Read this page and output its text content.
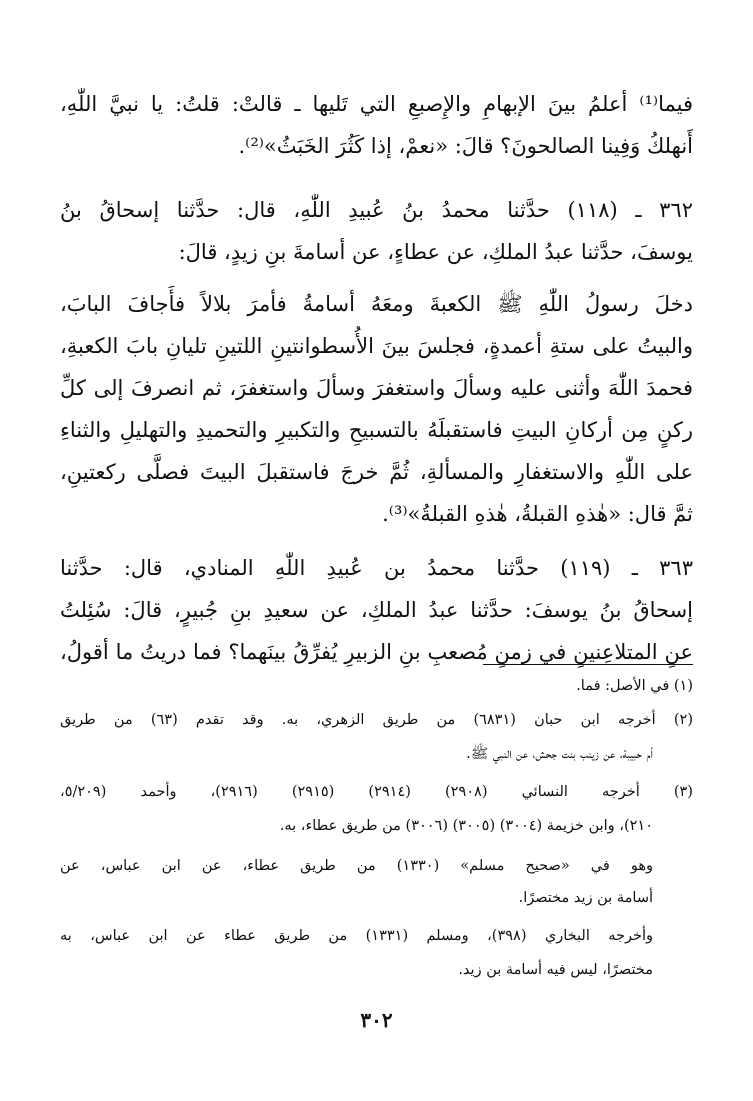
فيما⁽¹⁾ أعلمُ بينَ الإبهامِ والإِصبعِ التي تَليها ـ قالتْ: قلتُ: يا نبيَّ اللّٰهِ،
أَنهلكُ وَفِينا الصالحونَ؟ قالَ: «نعمْ، إذا كَثُرَ الخَبَثُ»⁽²⁾.
٣٦٢ ـ (١١٨) حدَّثنا محمدُ بنُ عُبيدِ اللّٰهِ، قال: حدَّثنا إسحاقُ بنُ
يوسفَ، حدَّثنا عبدُ الملكِ، عن عطاءٍ، عن أسامةَ بنِ زيدٍ، قالَ:
دخلَ رسولُ اللّٰهِ ﷺ الكعبةَ ومعَهُ أسامةُ فأمرَ بلالاً فأَجافَ البابَ،
والبيتُ على ستةِ أعمدةٍ، فجلسَ بينَ الأُسطوانتينِ اللتينِ تليانِ بابَ الكعبةِ،
فحمدَ اللّٰهَ وأثنى عليه وسألَ واستغفرَ وسألَ واستغفرَ، ثم انصرفَ إلى كلِّ
ركنٍ مِن أركانِ البيتِ فاستقبلَهُ بالتسبيحِ والتكبيرِ والتحميدِ والتهليلِ والثناءِ
على اللّٰهِ والاستغفارِ والمسألةِ، ثُمَّ خرجَ فاستقبلَ البيتَ فصلَّى ركعتينِ،
ثمَّ قال: «هٰذهِ القبلةُ، هٰذهِ القبلةُ»⁽³⁾.
٣٦٣ ـ (١١٩) حدَّثنا محمدُ بن عُبيدِ اللّٰهِ المنادي، قال: حدَّثنا
إسحاقُ بنُ يوسفَ: حدَّثنا عبدُ الملكِ، عن سعيدِ بنِ جُبيرٍ، قالَ: سُئِلتُ
عنِ المتلاعِنينِ في زمنِ مُصعبِ بنِ الزبيرِ يُفرِّقُ بينَهما؟ فما دريتُ ما أقولُ،
(١) في الأصل: فما.
(٢) أخرجه ابن حبان (٦٨٣١) من طريق الزهري، به. وقد تقدم (٦٣) من طريق
أم حبيبة، عن زينب بنت جحش، عن النبي ﷺ.
(٣) أخرجه النسائي (٢٩٠٨) (٢٩١٤) (٢٩١٥) (٢٩١٦)، وأحمد (٥/٢٠٩،
٢١٠)، وابن خزيمة (٣٠٠٤) (٣٠٠٥) (٣٠٠٦) من طريق عطاء، به.
وهو في «صحيح مسلم» (١٣٣٠) من طريق عطاء، عن ابن عباس، عن
أسامة بن زيد مختصرًا.
وأخرجه البخاري (٣٩٨)، ومسلم (١٣٣١) من طريق عطاء عن ابن عباس، به
مختصرًا، ليس فيه أسامة بن زيد.
٣٠٢
